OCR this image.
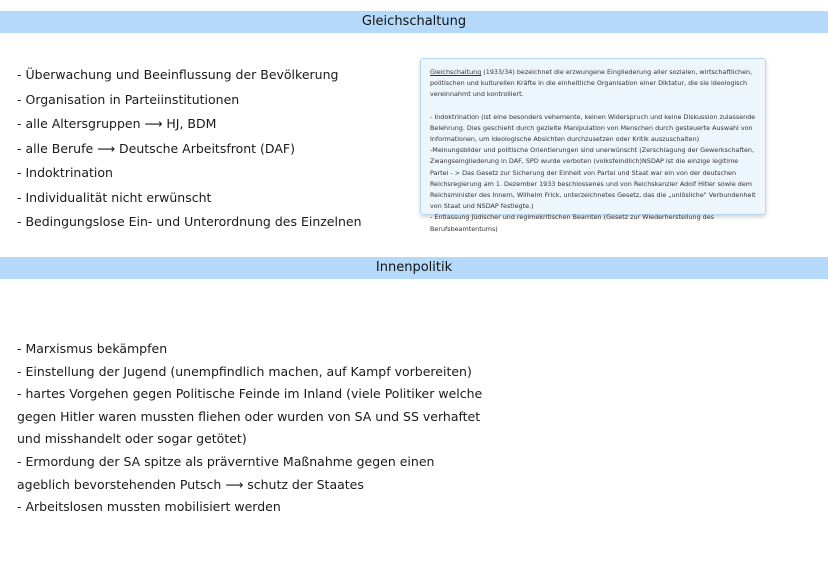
Gleichschaltung
- Überwachung und Beeinflussung der Bevölkerung
- Organisation in Parteiinstitutionen
- alle Altersgruppen ⟶ HJ, BDM
- alle Berufe ⟶ Deutsche Arbeitsfront (DAF)
- Indoktrination
- Individualität nicht erwünscht
- Bedingungslose Ein- und Unterordnung des Einzelnen

Gleichschaltung (1933/34) bezeichnet die erzwungene Eingliederung aller sozialen, wirtschaftlichen, politischen und kulturellen Kräfte in die einheitliche Organisation einer Diktatur, die sie ideologisch vereinnahmt und kontrolliert.

- Indoktrination (ist eine besonders vehemente, keinen Widerspruch und keine Diskussion zulassende Belehrung. Dies geschieht durch gezielte Manipulation von Menschen durch gesteuerte Auswahl von Informationen, um ideologische Absichten durchzusetzen oder Kritik auszuschalten)

-Meinungsbilder und politische Orientierungen sind unerwünscht (Zerschlagung der Gewerkschaften, Zwangseingliederung in DAF, SPD wurde verboten (volksfeindlich)NSDAP ist die einzige legitime Partei - > Das Gesetz zur Sicherung der Einheit von Partei und Staat war ein von der deutschen Reichsregierung am 1. Dezember 1933 beschlossenes und von Reichskanzler Adolf Hitler sowie dem Reichsminister des Innern, Wilhelm Frick, unterzeichnetes Gesetz, das die „unlösliche" Verbundenheit von Staat und NSDAP festlegte.)

- Entlassung Jüdischer und regimekritischen Beamten (Gesetz zur Wiederherstellung des Berufsbeamtentums)

Innenpolitik
- Marxismus bekämpfen
- Einstellung der Jugend (unempfindlich machen, auf Kampf vorbereiten)
- hartes Vorgehen gegen Politische Feinde im Inland (viele Politiker welche gegen Hitler waren mussten fliehen oder wurden von SA und SS verhaftet und misshandelt oder sogar getötet)
- Ermordung der SA spitze als präverntive Maßnahme gegen einen ageblich bevorstehenden Putsch ⟶ schutz der Staates
- Arbeitslosen mussten mobilisiert werden
